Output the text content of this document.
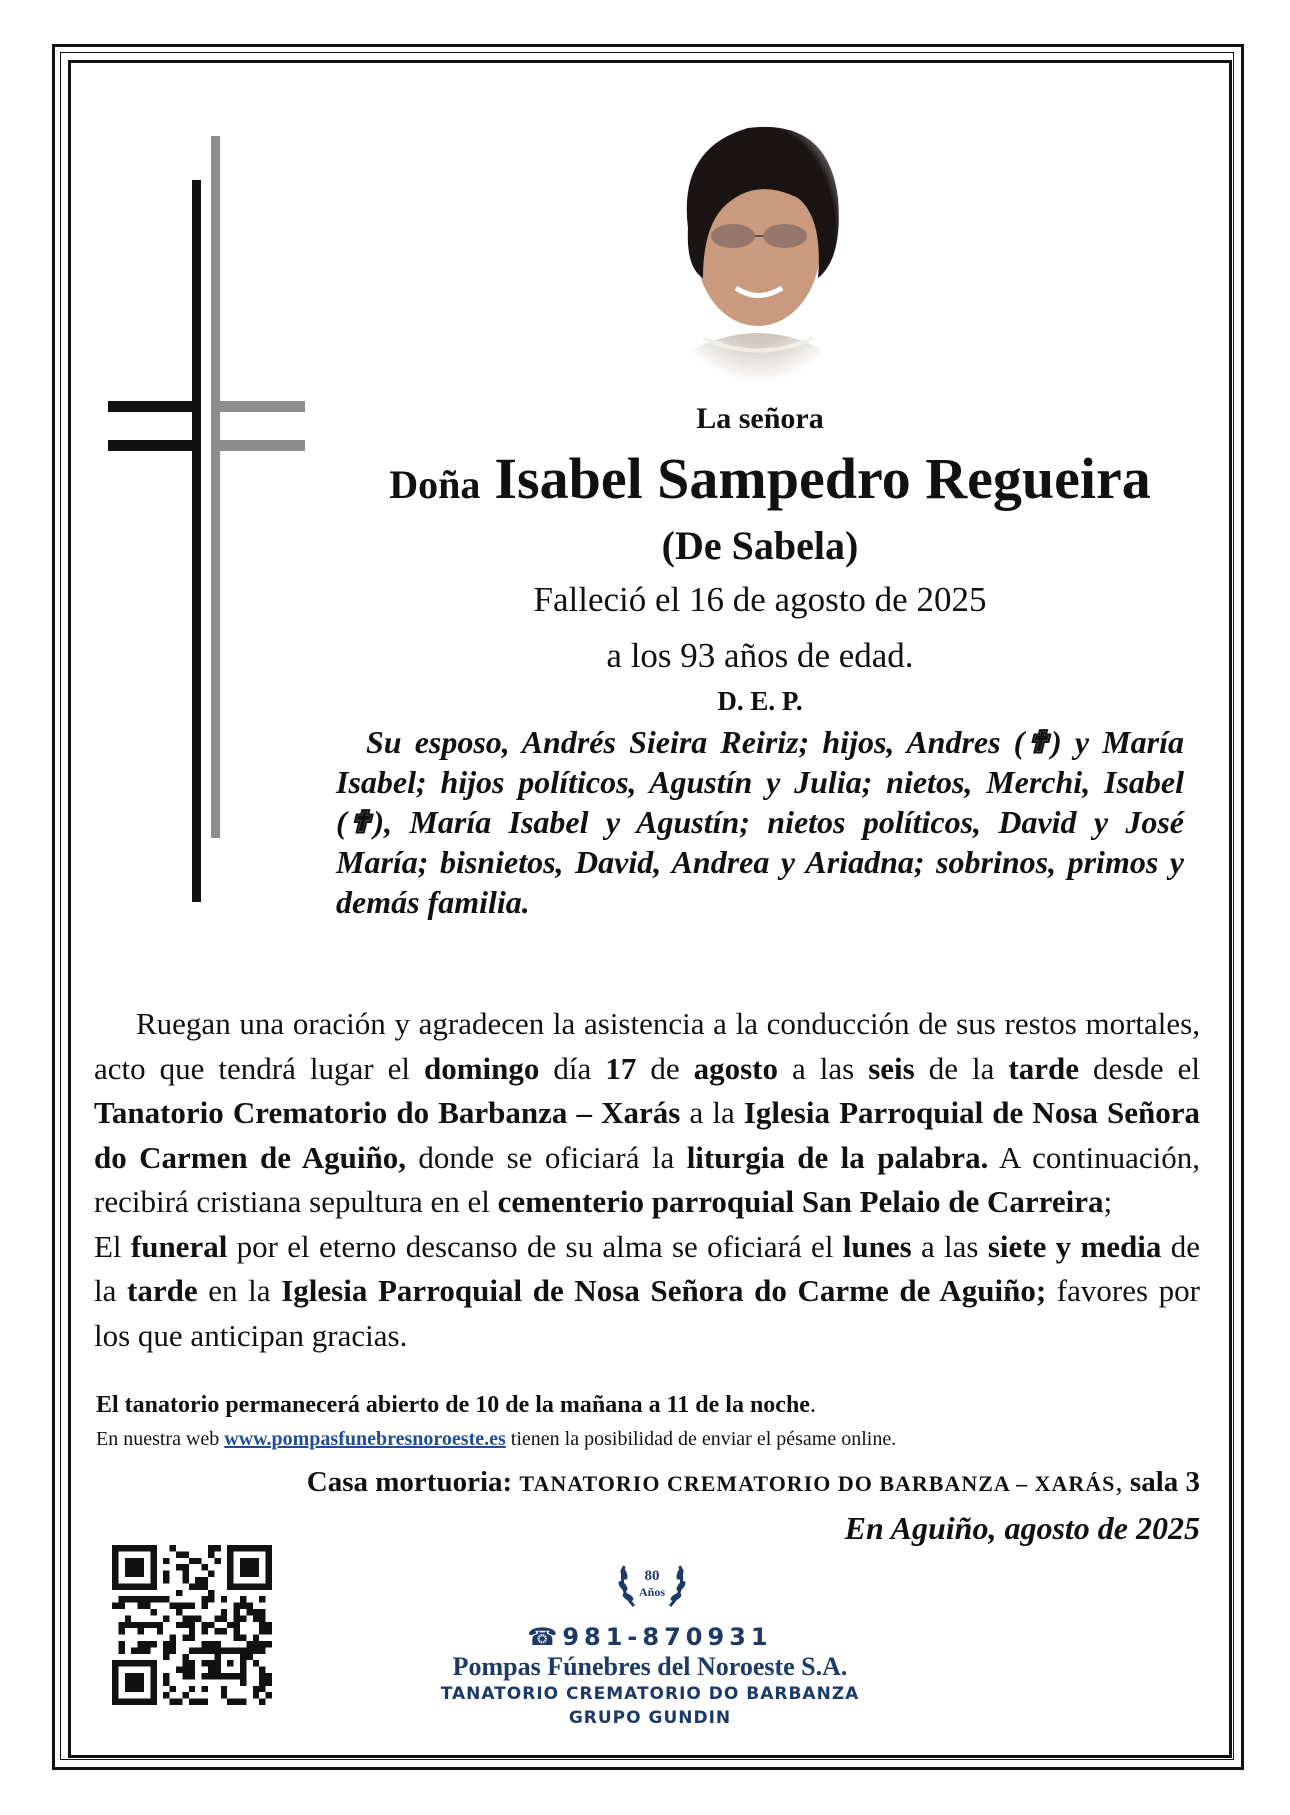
La señora
Doña Isabel Sampedro Regueira
(De Sabela)
Falleció el 16 de agosto de 2025
a los 93 años de edad.
D. E. P.
Su esposo, Andrés Sieira Reiriz; hijos, Andres (✟) y María Isabel; hijos políticos, Agustín y Julia; nietos, Merchi, Isabel (✟), María Isabel y Agustín; nietos políticos, David y José María; bisnietos, David, Andrea y Ariadna; sobrinos, primos y demás familia.
Ruegan una oración y agradecen la asistencia a la conducción de sus restos mortales, acto que tendrá lugar el domingo día 17 de agosto a las seis de la tarde desde el Tanatorio Crematorio do Barbanza – Xarás a la Iglesia Parroquial de Nosa Señora do Carmen de Aguiño, donde se oficiará la liturgia de la palabra. A continuación, recibirá cristiana sepultura en el cementerio parroquial San Pelaio de Carreira;
El funeral por el eterno descanso de su alma se oficiará el lunes a las siete y media de la tarde en la Iglesia Parroquial de Nosa Señora do Carme de Aguiño; favores por los que anticipan gracias.
El tanatorio permanecerá abierto de 10 de la mañana a 11 de la noche.
En nuestra web www.pompasfunebresnoroeste.es tienen la posibilidad de enviar el pésame online.
Casa mortuoria: TANATORIO CREMATORIO DO BARBANZA – XARÁS, sala 3
En Aguiño, agosto de 2025
80
Años
☎981-870931
Pompas Fúnebres del Noroeste S.A.
TANATORIO CREMATORIO DO BARBANZA
GRUPO GUNDIN
